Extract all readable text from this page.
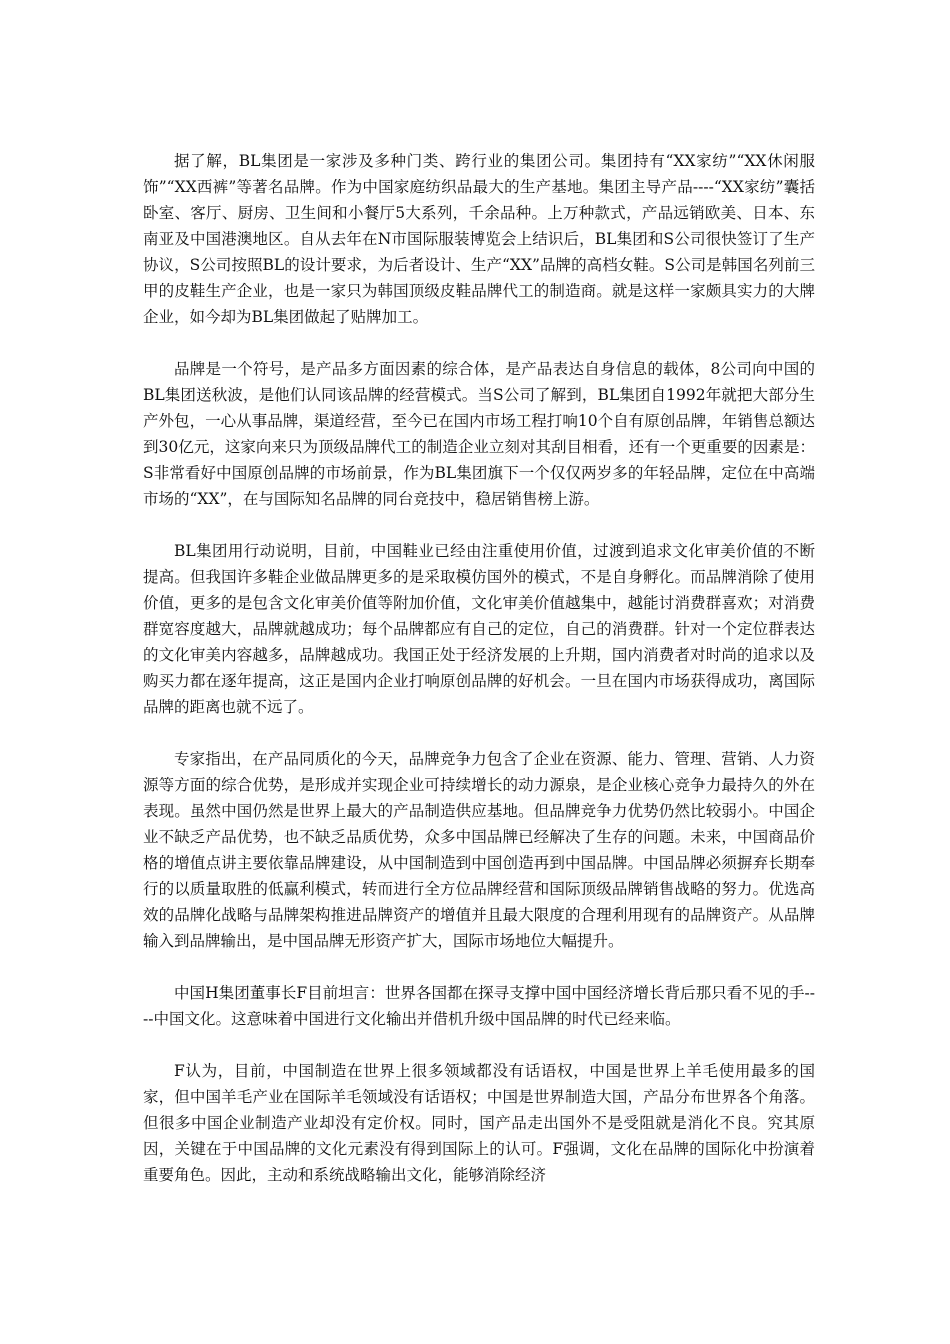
据了解，BL集团是一家涉及多种门类、跨行业的集团公司。集团持有“XX家纺”“XX休闲服饰”“XX西裤”等著名品牌。作为中国家庭纺织品最大的生产基地。集团主导产品----“XX家纺”囊括卧室、客厅、厨房、卫生间和小餐厅5大系列，千余品种。上万种款式，产品远销欧美、日本、东南亚及中国港澳地区。自从去年在N市国际服装博览会上结识后，BL集团和S公司很快签订了生产协议，S公司按照BL的设计要求，为后者设计、生产“XX”品牌的高档女鞋。S公司是韩国名列前三甲的皮鞋生产企业，也是一家只为韩国顶级皮鞋品牌代工的制造商。就是这样一家颇具实力的大牌企业，如今却为BL集团做起了贴牌加工。

品牌是一个符号，是产品多方面因素的综合体，是产品表达自身信息的载体，8公司向中国的BL集团送秋波，是他们认同该品牌的经营模式。当S公司了解到，BL集团自1992年就把大部分生产外包，一心从事品牌，渠道经营，至今已在国内市场工程打响10个自有原创品牌，年销售总额达到30亿元，这家向来只为顶级品牌代工的制造企业立刻对其刮目相看，还有一个更重要的因素是：S非常看好中国原创品牌的市场前景，作为BL集团旗下一个仅仅两岁多的年轻品牌，定位在中高端市场的“XX”，在与国际知名品牌的同台竞技中，稳居销售榜上游。

BL集团用行动说明，目前，中国鞋业已经由注重使用价值，过渡到追求文化审美价值的不断提高。但我国许多鞋企业做品牌更多的是采取模仿国外的模式，不是自身孵化。而品牌消除了使用价值，更多的是包含文化审美价值等附加价值，文化审美价值越集中，越能讨消费群喜欢；对消费群宽容度越大，品牌就越成功；每个品牌都应有自己的定位，自己的消费群。针对一个定位群表达的文化审美内容越多，品牌越成功。我国正处于经济发展的上升期，国内消费者对时尚的追求以及购买力都在逐年提高，这正是国内企业打响原创品牌的好机会。一旦在国内市场获得成功，离国际品牌的距离也就不远了。

专家指出，在产品同质化的今天，品牌竞争力包含了企业在资源、能力、管理、营销、人力资源等方面的综合优势，是形成并实现企业可持续增长的动力源泉，是企业核心竞争力最持久的外在表现。虽然中国仍然是世界上最大的产品制造供应基地。但品牌竞争力优势仍然比较弱小。中国企业不缺乏产品优势，也不缺乏品质优势，众多中国品牌已经解决了生存的问题。未来，中国商品价格的增值点讲主要依靠品牌建设，从中国制造到中国创造再到中国品牌。中国品牌必须摒弃长期奉行的以质量取胜的低赢利模式，转而进行全方位品牌经营和国际顶级品牌销售战略的努力。优选高效的品牌化战略与品牌架构推进品牌资产的增值并且最大限度的合理利用现有的品牌资产。从品牌输入到品牌输出，是中国品牌无形资产扩大，国际市场地位大幅提升。

中国H集团董事长F目前坦言：世界各国都在探寻支撑中国中国经济增长背后那只看不见的手----中国文化。这意味着中国进行文化输出并借机升级中国品牌的时代已经来临。

F认为，目前，中国制造在世界上很多领域都没有话语权，中国是世界上羊毛使用最多的国家，但中国羊毛产业在国际羊毛领域没有话语权；中国是世界制造大国，产品分布世界各个角落。但很多中国企业制造产业却没有定价权。同时，国产品走出国外不是受阻就是消化不良。究其原因，关键在于中国品牌的文化元素没有得到国际上的认可。F强调，文化在品牌的国际化中扮演着重要角色。因此，主动和系统战略输出文化，能够消除经济
